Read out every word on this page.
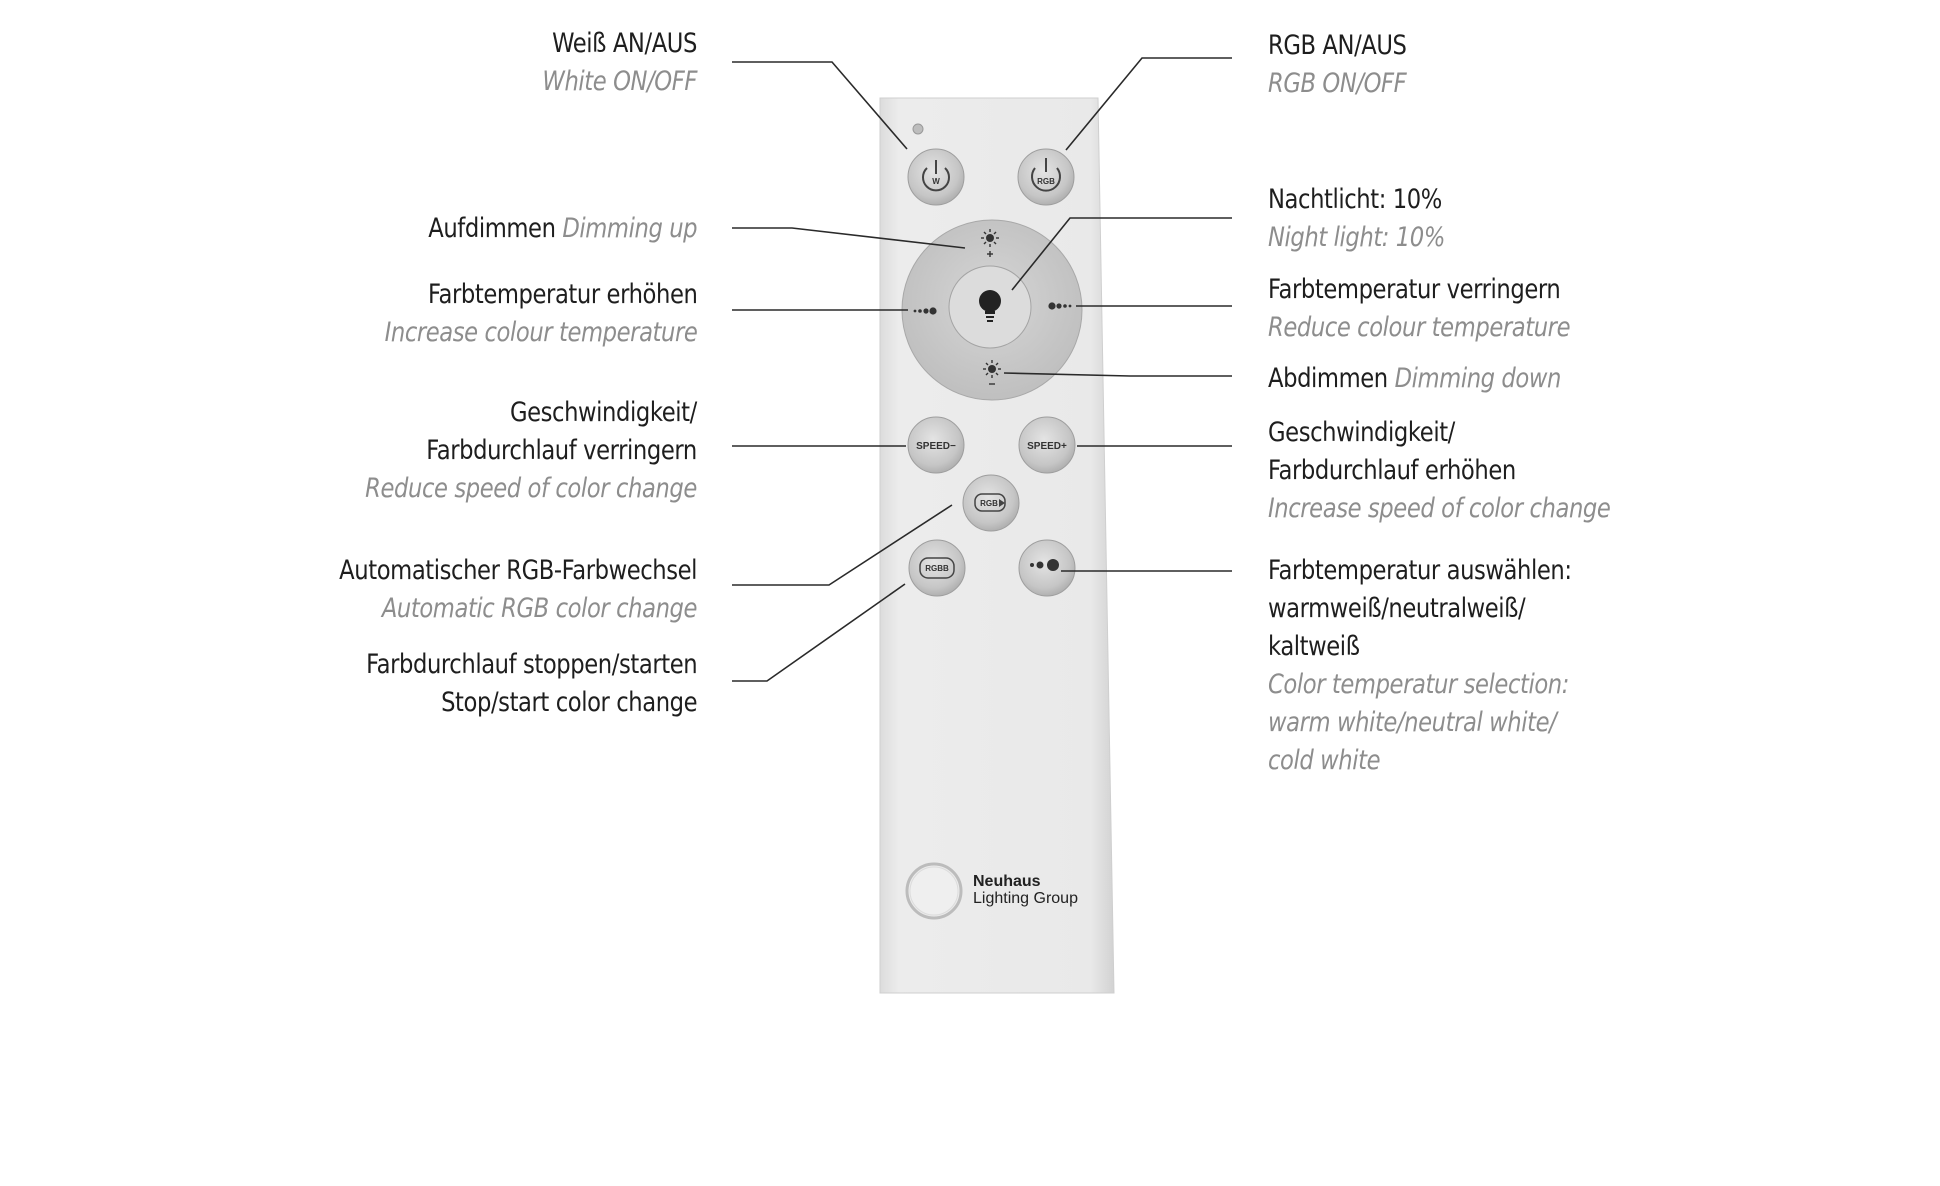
W	RGB
SPEED−	SPEED+
RGB
RGBB
Weiß AN/AUS
White ON/OFF
Aufdimmen Dimming up
Farbtemperatur erhöhen
Increase colour temperature
Geschwindigkeit/
Farbdurchlauf verringern
Reduce speed of color change
Automatischer RGB-Farbwechsel
Automatic RGB color change
Farbdurchlauf stoppen/starten
Stop/start color change
RGB AN/AUS
RGB ON/OFF
Nachtlicht: 10%
Night light: 10%
Farbtemperatur verringern
Reduce colour temperature
Abdimmen Dimming down
Geschwindigkeit/
Farbdurchlauf erhöhen
Increase speed of color change
Farbtemperatur auswählen:
warmweiß/neutralweiß/
kaltweiß
Color temperatur selection:
warm white/neutral white/
cold white
Neuhaus
Lighting Group
